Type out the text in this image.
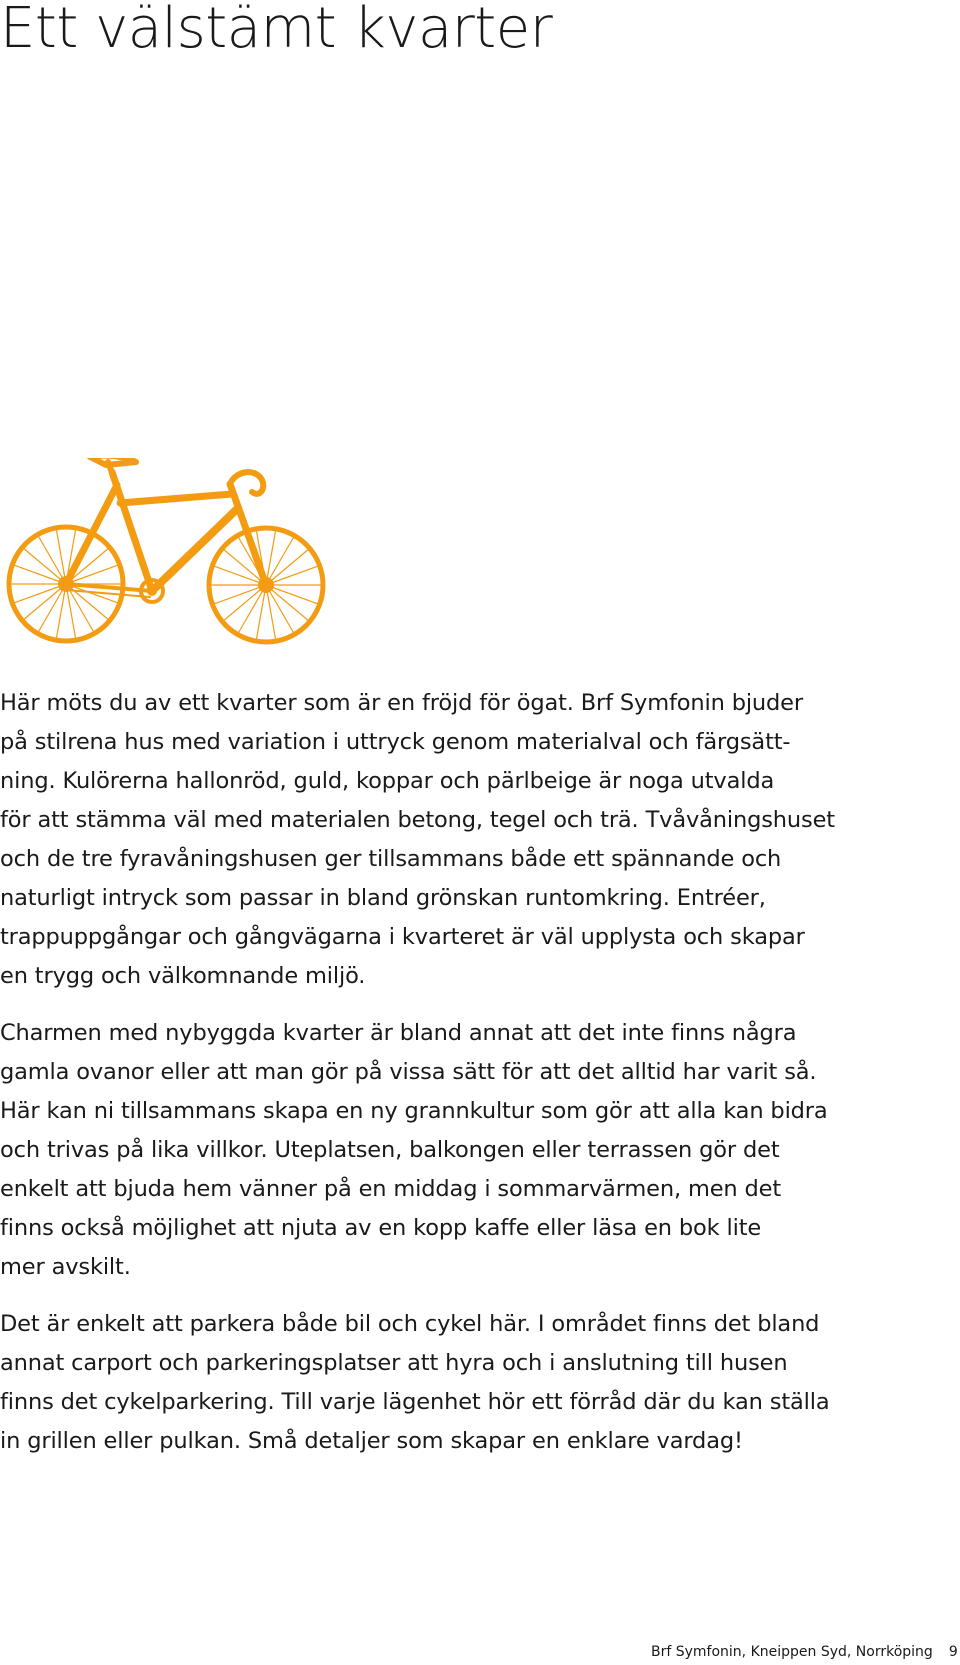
Ett välstämt kvarter

Här möts du av ett kvarter som är en fröjd för ögat. Brf Symfonin bjuder
på stilrena hus med variation i uttryck genom materialval och färgsätt-
ning. Kulörerna hallonröd, guld, koppar och pärlbeige är noga utvalda
för att stämma väl med materialen betong, tegel och trä. Tvåvåningshuset
och de tre fyravåningshusen ger tillsammans både ett spännande och
naturligt intryck som passar in bland grönskan runtomkring. Entréer,
trappuppgångar och gångvägarna i kvarteret är väl upplysta och skapar
en trygg och välkomnande miljö.

Charmen med nybyggda kvarter är bland annat att det inte finns några
gamla ovanor eller att man gör på vissa sätt för att det alltid har varit så.
Här kan ni tillsammans skapa en ny grannkultur som gör att alla kan bidra
och trivas på lika villkor. Uteplatsen, balkongen eller terrassen gör det
enkelt att bjuda hem vänner på en middag i sommarvärmen, men det
finns också möjlighet att njuta av en kopp kaffe eller läsa en bok lite
mer avskilt.

Det är enkelt att parkera både bil och cykel här. I området finns det bland
annat carport och parkeringsplatser att hyra och i anslutning till husen
finns det cykelparkering. Till varje lägenhet hör ett förråd där du kan ställa
in grillen eller pulkan. Små detaljer som skapar en enklare vardag!

Brf Symfonin, Kneippen Syd, Norrköping 9
